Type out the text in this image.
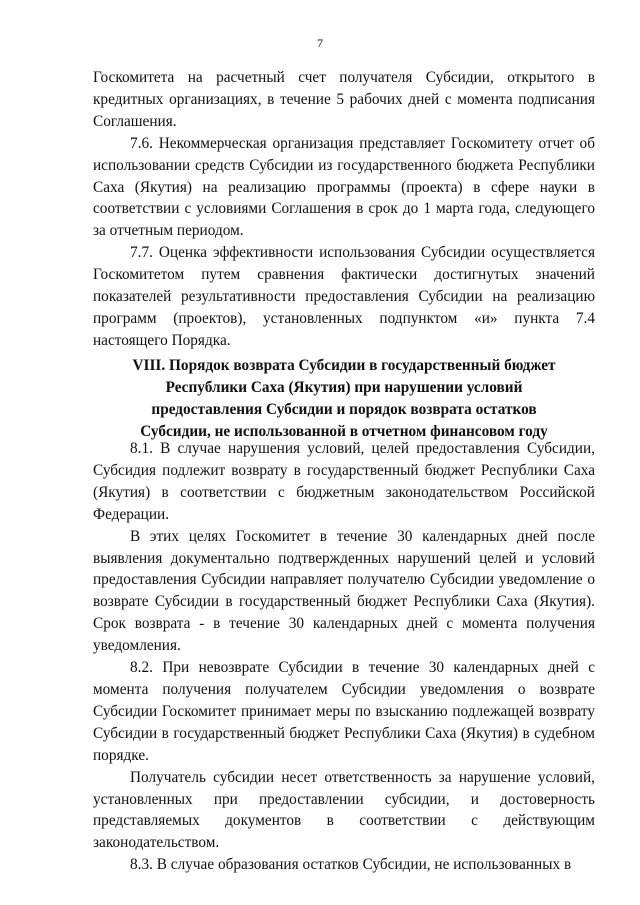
7

Госкомитета на расчетный счет получателя Субсидии, открытого в кредитных организациях, в течение 5 рабочих дней с момента подписания Соглашения.

7.6. Некоммерческая организация представляет Госкомитету отчет об использовании средств Субсидии из государственного бюджета Республики Саха (Якутия) на реализацию программы (проекта) в сфере науки в соответствии с условиями Соглашения в срок до 1 марта года, следующего за отчетным периодом.

7.7. Оценка эффективности использования Субсидии осуществляется Госкомитетом путем сравнения фактически достигнутых значений показателей результативности предоставления Субсидии на реализацию программ (проектов), установленных подпунктом «и» пункта 7.4 настоящего Порядка.

VIII. Порядок возврата Субсидии в государственный бюджет
Республики Саха (Якутия) при нарушении условий
предоставления Субсидии и порядок возврата остатков
Субсидии, не использованной в отчетном финансовом году

8.1. В случае нарушения условий, целей предоставления Субсидии, Субсидия подлежит возврату в государственный бюджет Республики Саха (Якутия) в соответствии с бюджетным законодательством Российской Федерации.

В этих целях Госкомитет в течение 30 календарных дней после выявления документально подтвержденных нарушений целей и условий предоставления Субсидии направляет получателю Субсидии уведомление о возврате Субсидии в государственный бюджет Республики Саха (Якутия). Срок возврата - в течение 30 календарных дней с момента получения уведомления.

8.2. При невозврате Субсидии в течение 30 календарных дней с момента получения получателем Субсидии уведомления о возврате Субсидии Госкомитет принимает меры по взысканию подлежащей возврату Субсидии в государственный бюджет Республики Саха (Якутия) в судебном порядке.

Получатель субсидии несет ответственность за нарушение условий, установленных при предоставлении субсидии, и достоверность представляемых документов в соответствии с действующим законодательством.

8.3. В случае образования остатков Субсидии, не использованных в
